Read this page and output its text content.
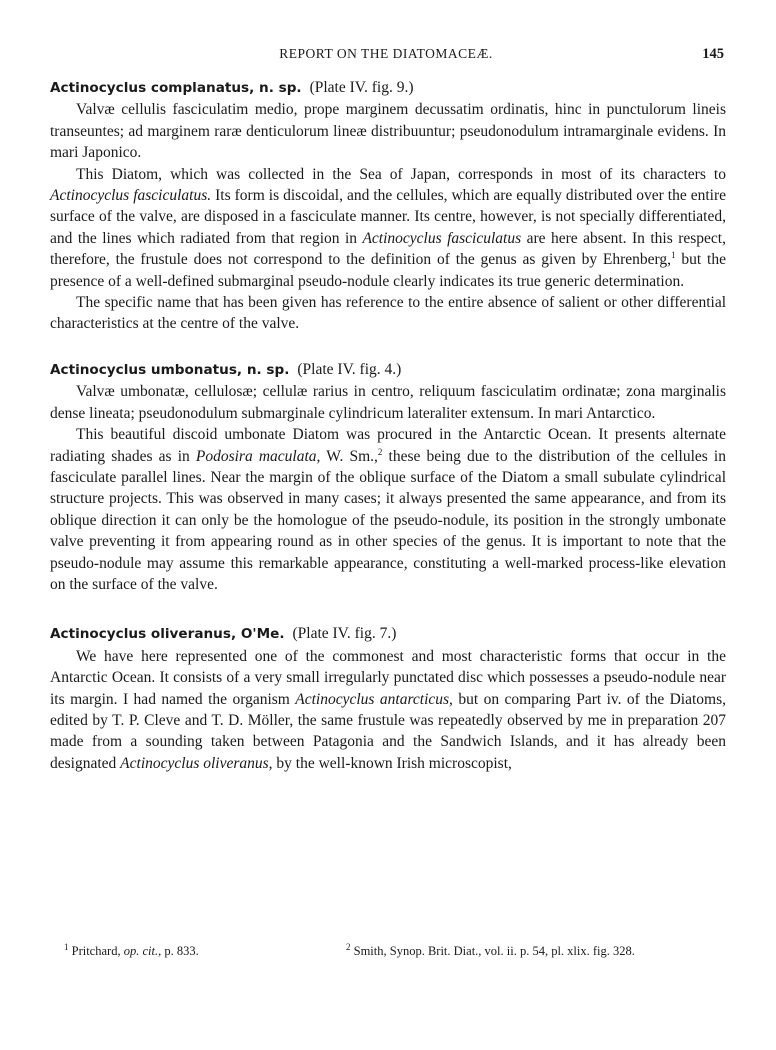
REPORT ON THE DIATOMACEÆ.	145

Actinocyclus complanatus, n. sp. (Plate IV. fig. 9.)

Valvæ cellulis fasciculatim medio, prope marginem decussatim ordinatis, hinc in punctulorum lineis transeuntes; ad marginem raræ denticulorum lineæ distribuuntur; pseudonodulum intramarginale evidens. In mari Japonico.

This Diatom, which was collected in the Sea of Japan, corresponds in most of its characters to Actinocyclus fasciculatus. Its form is discoidal, and the cellules, which are equally distributed over the entire surface of the valve, are disposed in a fasciculate manner. Its centre, however, is not specially differentiated, and the lines which radiated from that region in Actinocyclus fasciculatus are here absent. In this respect, therefore, the frustule does not correspond to the definition of the genus as given by Ehrenberg,$^1$ but the presence of a well-defined submarginal pseudo-nodule clearly indicates its true generic determination.

The specific name that has been given has reference to the entire absence of salient or other differential characteristics at the centre of the valve.

Actinocyclus umbonatus, n. sp. (Plate IV. fig. 4.)

Valvæ umbonatæ, cellulosæ; cellulæ rarius in centro, reliquum fasciculatim ordinatæ; zona marginalis dense lineata; pseudonodulum submarginale cylindricum lateraliter extensum. In mari Antarctico.

This beautiful discoid umbonate Diatom was procured in the Antarctic Ocean. It presents alternate radiating shades as in Podosira maculata, W. Sm.,$^2$ these being due to the distribution of the cellules in fasciculate parallel lines. Near the margin of the oblique surface of the Diatom a small subulate cylindrical structure projects. This was observed in many cases; it always presented the same appearance, and from its oblique direction it can only be the homologue of the pseudo-nodule, its position in the strongly umbonate valve preventing it from appearing round as in other species of the genus. It is important to note that the pseudo-nodule may assume this remarkable appearance, constituting a well-marked process-like elevation on the surface of the valve.

Actinocyclus oliveranus, O'Me. (Plate IV. fig. 7.)

We have here represented one of the commonest and most characteristic forms that occur in the Antarctic Ocean. It consists of a very small irregularly punctated disc which possesses a pseudo-nodule near its margin. I had named the organism Actinocyclus antarcticus, but on comparing Part iv. of the Diatoms, edited by T. P. Cleve and T. D. Möller, the same frustule was repeatedly observed by me in preparation 207 made from a sounding taken between Patagonia and the Sandwich Islands, and it has already been designated Actinocyclus oliveranus, by the well-known Irish microscopist,

$^1$ Pritchard, op. cit., p. 833.	$^2$ Smith, Synop. Brit. Diat., vol. ii. p. 54, pl. xlix. fig. 328.
